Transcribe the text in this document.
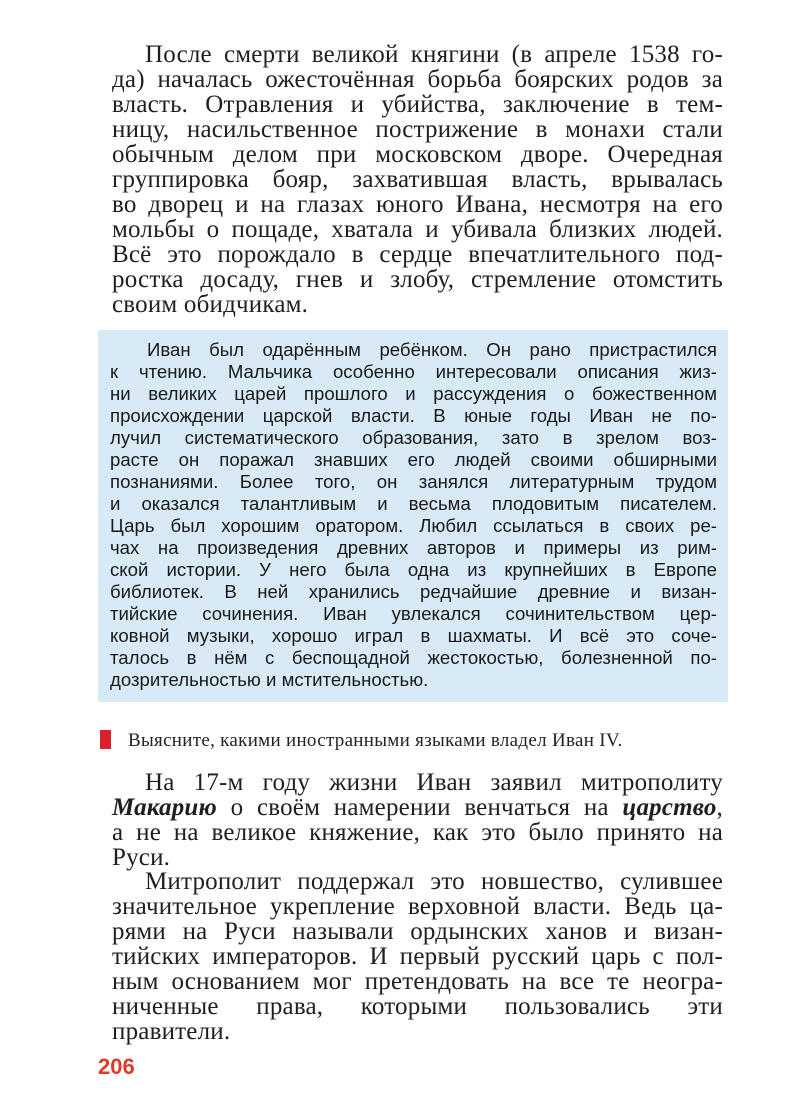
После смерти великой княгини (в апреле 1538 го-

да) началась ожесточённая борьба боярских родов за

власть. Отравления и убийства, заключение в тем-

ницу, насильственное пострижение в монахи стали

обычным делом при московском дворе. Очередная

группировка бояр, захватившая власть, врывалась

во дворец и на глазах юного Ивана, несмотря на его

мольбы о пощаде, хватала и убивала близких людей.

Всё это порождало в сердце впечатлительного под-

ростка досаду, гнев и злобу, стремление отомстить

своим обидчикам.

Иван был одарённым ребёнком. Он рано пристрастился

к чтению. Мальчика особенно интересовали описания жиз-

ни великих царей прошлого и рассуждения о божественном

происхождении царской власти. В юные годы Иван не по-

лучил систематического образования, зато в зрелом воз-

расте он поражал знавших его людей своими обширными

познаниями. Более того, он занялся литературным трудом

и оказался талантливым и весьма плодовитым писателем.

Царь был хорошим оратором. Любил ссылаться в своих ре-

чах на произведения древних авторов и примеры из рим-

ской истории. У него была одна из крупнейших в Европе

библиотек. В ней хранились редчайшие древние и визан-

тийские сочинения. Иван увлекался сочинительством цер-

ковной музыки, хорошо играл в шахматы. И всё это соче-

талось в нём с беспощадной жестокостью, болезненной по-

дозрительностью и мстительностью.

Выясните, какими иностранными языками владел Иван IV.

На 17-м году жизни Иван заявил митрополиту

Макарию о своём намерении венчаться на царство,

а не на великое княжение, как это было принято на

Руси.

Митрополит поддержал это новшество, сулившее

значительное укрепление верховной власти. Ведь ца-

рями на Руси называли ордынских ханов и визан-

тийских императоров. И первый русский царь с пол-

ным основанием мог претендовать на все те неогра-

ниченные права, которыми пользовались эти

правители.

206
